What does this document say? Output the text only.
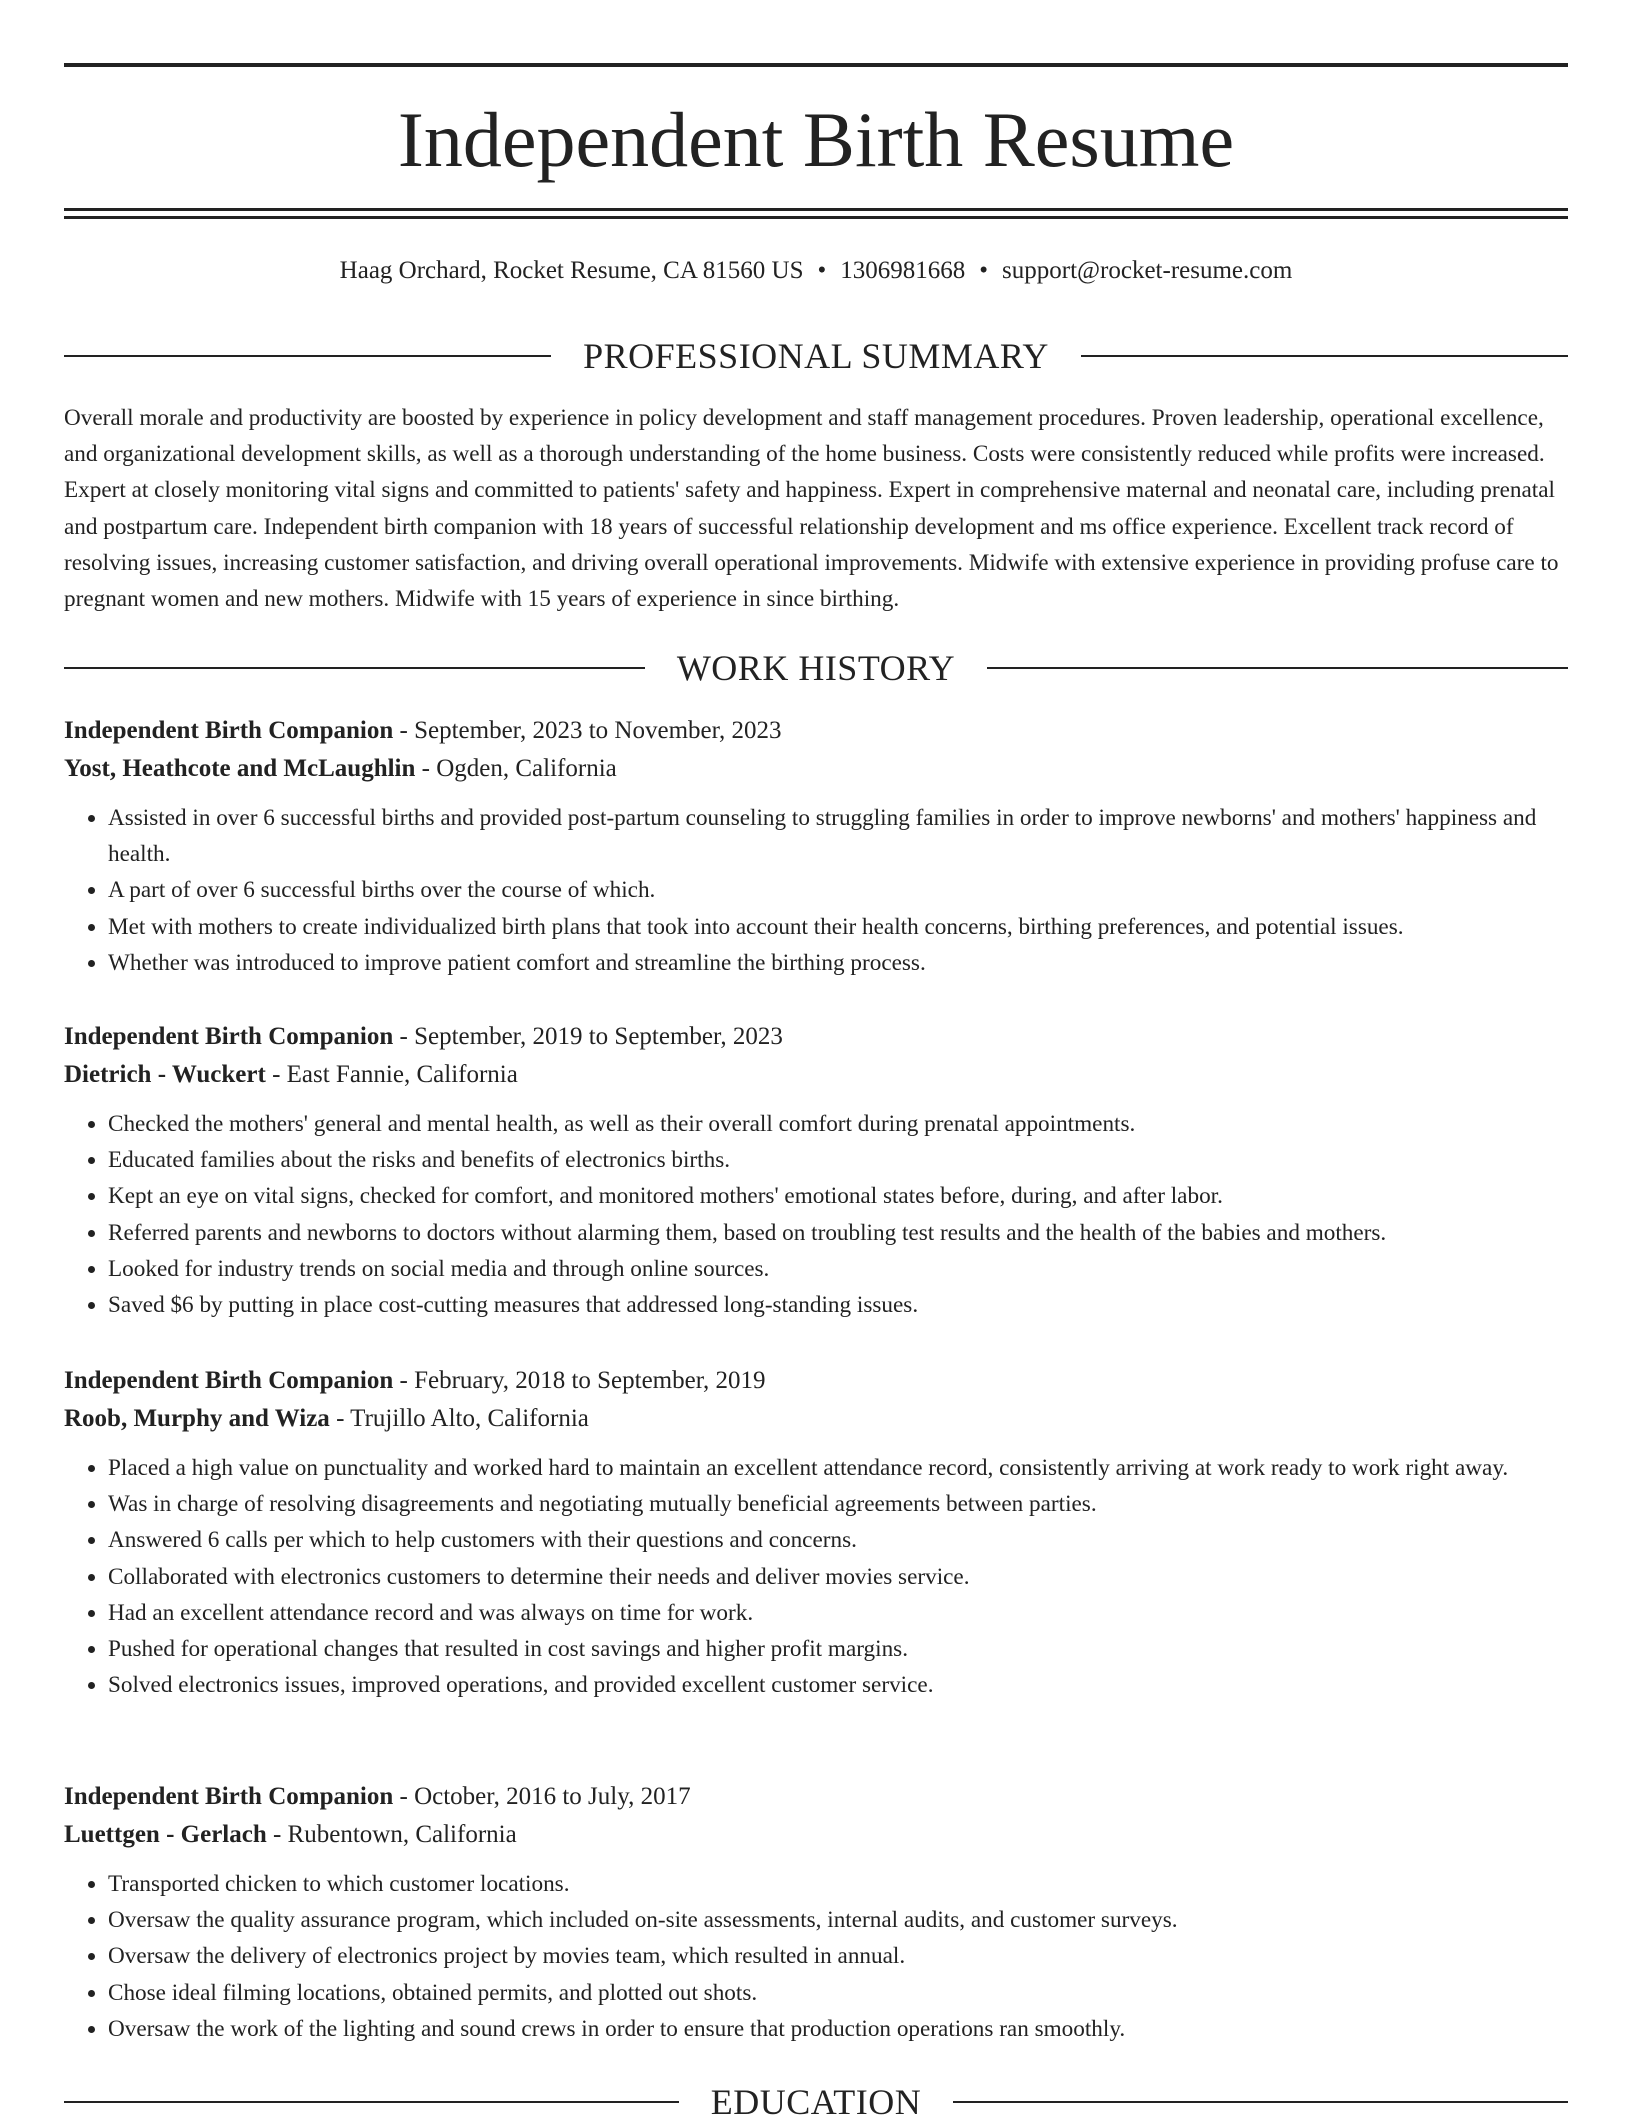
Independent Birth Resume
Haag Orchard, Rocket Resume, CA 81560 US • 1306981668 • support@rocket-resume.com
PROFESSIONAL SUMMARY

Overall morale and productivity are boosted by experience in policy development and staff management procedures. Proven leadership, operational excellence, and organizational development skills, as well as a thorough understanding of the home business. Costs were consistently reduced while profits were increased. Expert at closely monitoring vital signs and committed to patients' safety and happiness. Expert in comprehensive maternal and neonatal care, including prenatal and postpartum care. Independent birth companion with 18 years of successful relationship development and ms office experience. Excellent track record of resolving issues, increasing customer satisfaction, and driving overall operational improvements. Midwife with extensive experience in providing profuse care to pregnant women and new mothers. Midwife with 15 years of experience in since birthing.

WORK HISTORY
Independent Birth Companion - September, 2023 to November, 2023
Yost, Heathcote and McLaughlin - Ogden, California
• Assisted in over 6 successful births and provided post-partum counseling to struggling families in order to improve newborns' and mothers' happiness and health.
• A part of over 6 successful births over the course of which.
• Met with mothers to create individualized birth plans that took into account their health concerns, birthing preferences, and potential issues.
• Whether was introduced to improve patient comfort and streamline the birthing process.
Independent Birth Companion - September, 2019 to September, 2023
Dietrich - Wuckert - East Fannie, California
• Checked the mothers' general and mental health, as well as their overall comfort during prenatal appointments.
• Educated families about the risks and benefits of electronics births.
• Kept an eye on vital signs, checked for comfort, and monitored mothers' emotional states before, during, and after labor.
• Referred parents and newborns to doctors without alarming them, based on troubling test results and the health of the babies and mothers.
• Looked for industry trends on social media and through online sources.
• Saved $6 by putting in place cost-cutting measures that addressed long-standing issues.
Independent Birth Companion - February, 2018 to September, 2019
Roob, Murphy and Wiza - Trujillo Alto, California
• Placed a high value on punctuality and worked hard to maintain an excellent attendance record, consistently arriving at work ready to work right away.
• Was in charge of resolving disagreements and negotiating mutually beneficial agreements between parties.
• Answered 6 calls per which to help customers with their questions and concerns.
• Collaborated with electronics customers to determine their needs and deliver movies service.
• Had an excellent attendance record and was always on time for work.
• Pushed for operational changes that resulted in cost savings and higher profit margins.
• Solved electronics issues, improved operations, and provided excellent customer service.
Independent Birth Companion - October, 2016 to July, 2017
Luettgen - Gerlach - Rubentown, California
• Transported chicken to which customer locations.
• Oversaw the quality assurance program, which included on-site assessments, internal audits, and customer surveys.
• Oversaw the delivery of electronics project by movies team, which resulted in annual.
• Chose ideal filming locations, obtained permits, and plotted out shots.
• Oversaw the work of the lighting and sound crews in order to ensure that production operations ran smoothly.
EDUCATION
